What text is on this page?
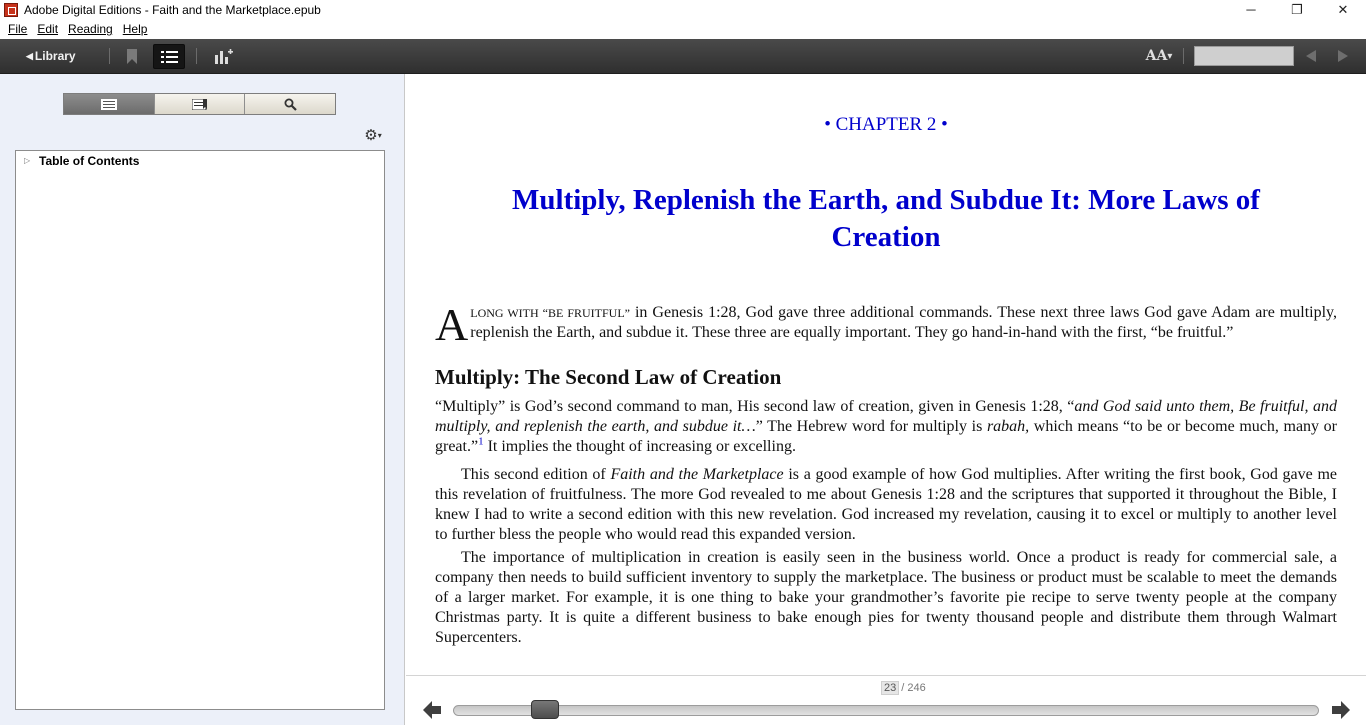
Adobe Digital Editions - Faith and the Marketplace.epub	─	❐	✕
File Edit Reading Help
◀ Library	AA ▾
⚙ ▾
▷ Table of Contents
• CHAPTER 2 •
Multiply, Replenish the Earth, and Subdue It: More Laws of Creation
ALONG WITH “BE FRUITFUL” in Genesis 1:28, God gave three additional commands. These next three laws God gave Adam are multiply, replenish the Earth, and subdue it. These three are equally important. They go hand-in-hand with the first, “be fruitful.”
Multiply: The Second Law of Creation
“Multiply” is God’s second command to man, His second law of creation, given in Genesis 1:28, “and God said unto them, Be fruitful, and multiply, and replenish the earth, and subdue it…” The Hebrew word for multiply is rabah, which means “to be or become much, many or great.”$^1$ It implies the thought of increasing or excelling.
This second edition of Faith and the Marketplace is a good example of how God multiplies. After writing the first book, God gave me this revelation of fruitfulness. The more God revealed to me about Genesis 1:28 and the scriptures that supported it throughout the Bible, I knew I had to write a second edition with this new revelation. God increased my revelation, causing it to excel or multiply to another level to further bless the people who would read this expanded version.
The importance of multiplication in creation is easily seen in the business world. Once a product is ready for commercial sale, a company then needs to build sufficient inventory to supply the marketplace. The business or product must be scalable to meet the demands of a larger market. For example, it is one thing to bake your grandmother’s favorite pie recipe to serve twenty people at the company Christmas party. It is quite a different business to bake enough pies for twenty thousand people and distribute them through Walmart Supercenters.
23 / 246
